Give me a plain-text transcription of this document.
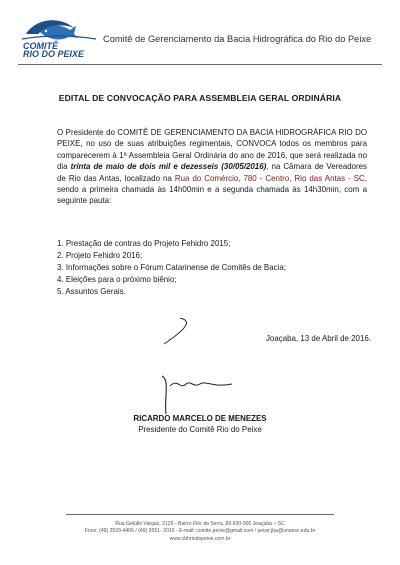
COMITÊ
RIO DO PEIXE
Comitê de Gerenciamento da Bacia Hidrográfica do Rio do Peixe
EDITAL DE CONVOCAÇÃO PARA ASSEMBLEIA GERAL ORDINÁRIA
O Presidente do COMITÊ DE GERENCIAMENTO DA BACIA HIDROGRÁFICA RIO DO PEIXE, no uso de suas atribuições regimentais, CONVOCA todos os membros para comparecerem à 1ª Assembleia Geral Ordinária do ano de 2016, que será realizada no dia trinta de maio de dois mil e dezesseis (30/05/2016), na Câmara de Vereadores de Rio das Antas, localizado na Rua do Comércio, 780 - Centro, Rio das Antas - SC, sendo a primeira chamada às 14h00min e a segunda chamada às 14h30min, com a seguinte pauta:
1. Prestação de contras do Projeto Fehidro 2015;
2. Projeto Fehidro 2016;
3. Informações sobre o Fórum Catarinense de Comitês de Bacia;
4. Eleições para o próximo biênio;
5. Assuntos Gerais.
Joaçaba, 13 de Abril de 2016.
RICARDO MARCELO DE MENEZES
Presidente do Comitê Rio do Peixe
Rua Getúlio Vargas, 2125 - Bairro Flor da Serra, 89.600-000 Joaçaba – SC
Fone: (49) 3533-4406 / (49) 3551- 2016 · E-mail: comite.peixe@gmail.com / peixe.jba@unoesc.edu.br
www.cbhriodopeixe.com.br
